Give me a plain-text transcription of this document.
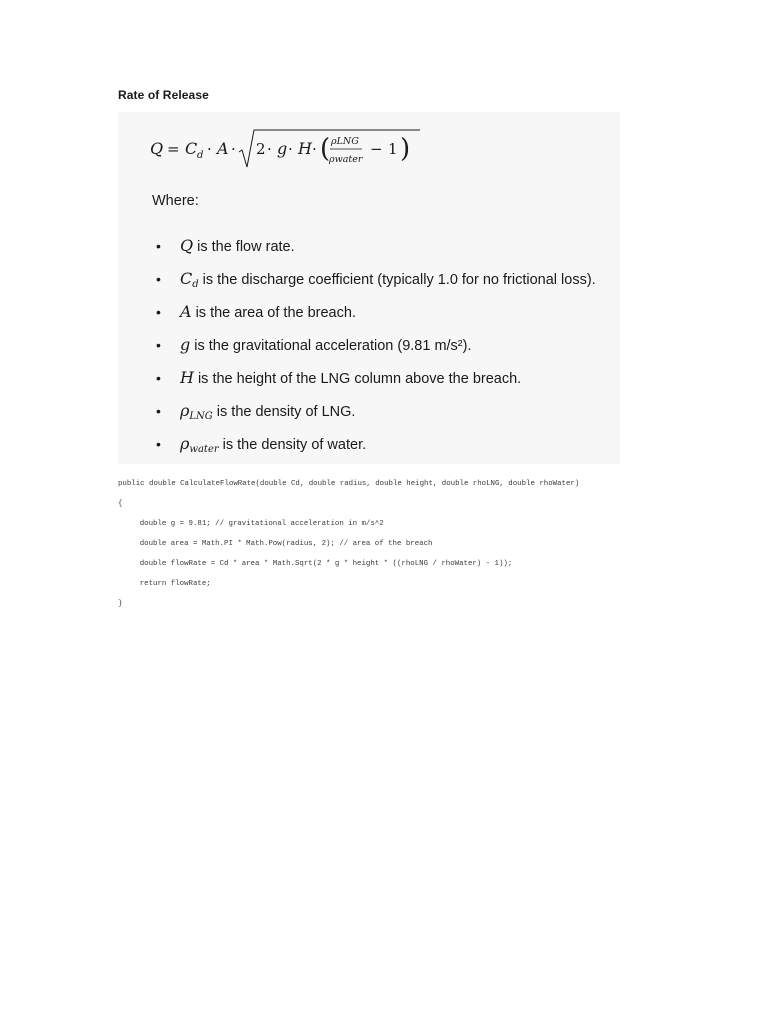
Rate of Release
Q = C d · A · 2 · g · H · ( ρLNG
ρwater
− 1 )
Where:
•	Q is the flow rate.
•	$C_d$ is the discharge coefficient (typically 1.0 for no frictional loss).
•	A is the area of the breach.
•	g is the gravitational acceleration (9.81 m/s²).
•	H is the height of the LNG column above the breach.
•	$\rho_{LNG}$ is the density of LNG.
•	$\rho_{water}$ is the density of water.
public double CalculateFlowRate(double Cd, double radius, double height, double rhoLNG, double rhoWater)
{
double g = 9.81; // gravitational acceleration in m/s^2
double area = Math.PI * Math.Pow(radius, 2); // area of the breach
double flowRate = Cd * area * Math.Sqrt(2 * g * height * ((rhoLNG / rhoWater) - 1));
return flowRate;
}
